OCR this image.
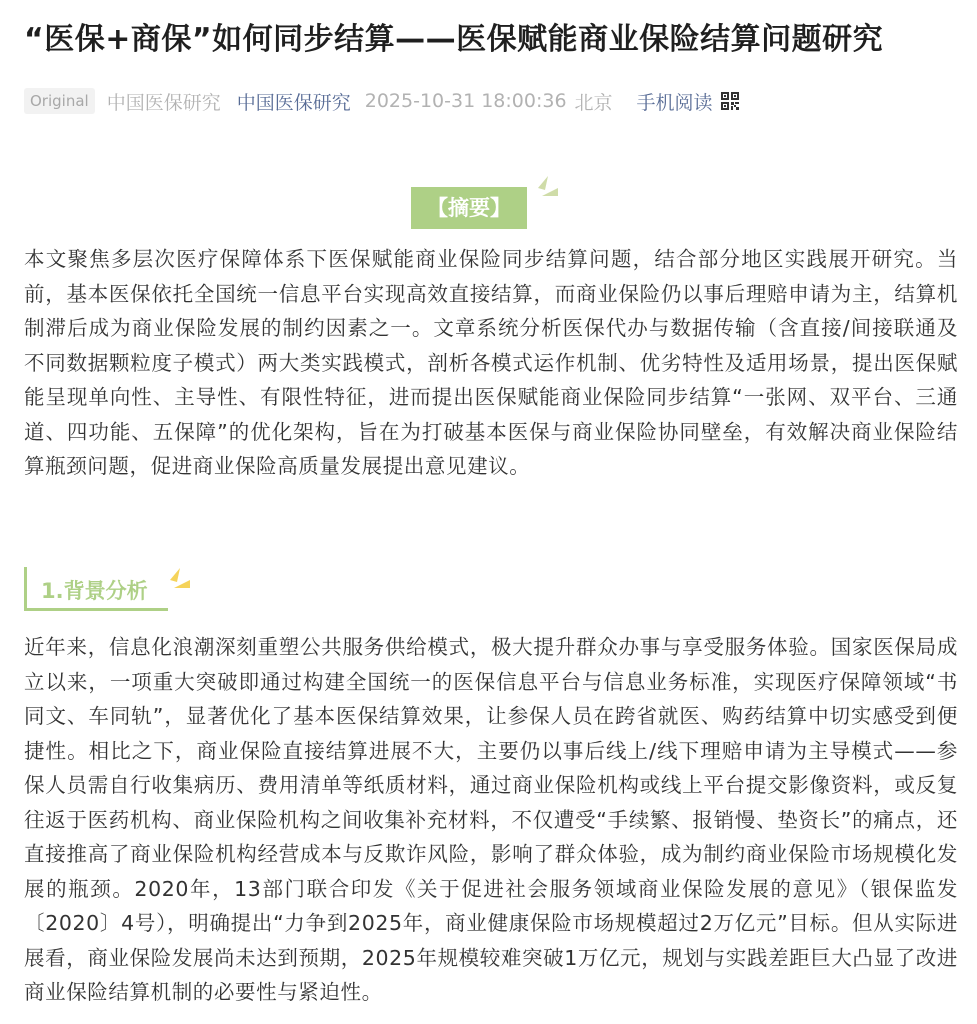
“医保+商保”如何同步结算——医保赋能商业保险结算问题研究
Original 中国医保研究 中国医保研究 2025-10-31 18:00:36 北京 手机阅读
【摘要】

本文聚焦多层次医疗保障体系下医保赋能商业保险同步结算问题，结合部分地区实践展开研究。当前，基本医保依托全国统一信息平台实现高效直接结算，而商业保险仍以事后理赔申请为主，结算机制滞后成为商业保险发展的制约因素之一。文章系统分析医保代办与数据传输（含直接/间接联通及不同数据颗粒度子模式）两大类实践模式，剖析各模式运作机制、优劣特性及适用场景，提出医保赋能呈现单向性、主导性、有限性特征，进而提出医保赋能商业保险同步结算“一张网、双平台、三通道、四功能、五保障”的优化架构，旨在为打破基本医保与商业保险协同壁垒，有效解决商业保险结算瓶颈问题，促进商业保险高质量发展提出意见建议。

1.背景分析

近年来，信息化浪潮深刻重塑公共服务供给模式，极大提升群众办事与享受服务体验。国家医保局成立以来，一项重大突破即通过构建全国统一的医保信息平台与信息业务标准，实现医疗保障领域“书同文、车同轨”，显著优化了基本医保结算效果，让参保人员在跨省就医、购药结算中切实感受到便捷性。相比之下，商业保险直接结算进展不大，主要仍以事后线上/线下理赔申请为主导模式——参保人员需自行收集病历、费用清单等纸质材料，通过商业保险机构或线上平台提交影像资料，或反复往返于医药机构、商业保险机构之间收集补充材料，不仅遭受“手续繁、报销慢、垫资长”的痛点，还直接推高了商业保险机构经营成本与反欺诈风险，影响了群众体验，成为制约商业保险市场规模化发展的瓶颈。2020年，13部门联合印发《关于促进社会服务领域商业保险发展的意见》（银保监发〔2020〕4号），明确提出“力争到2025年，商业健康保险市场规模超过2万亿元”目标。但从实际进展看，商业保险发展尚未达到预期，2025年规模较难突破1万亿元，规划与实践差距巨大凸显了改进商业保险结算机制的必要性与紧迫性。
